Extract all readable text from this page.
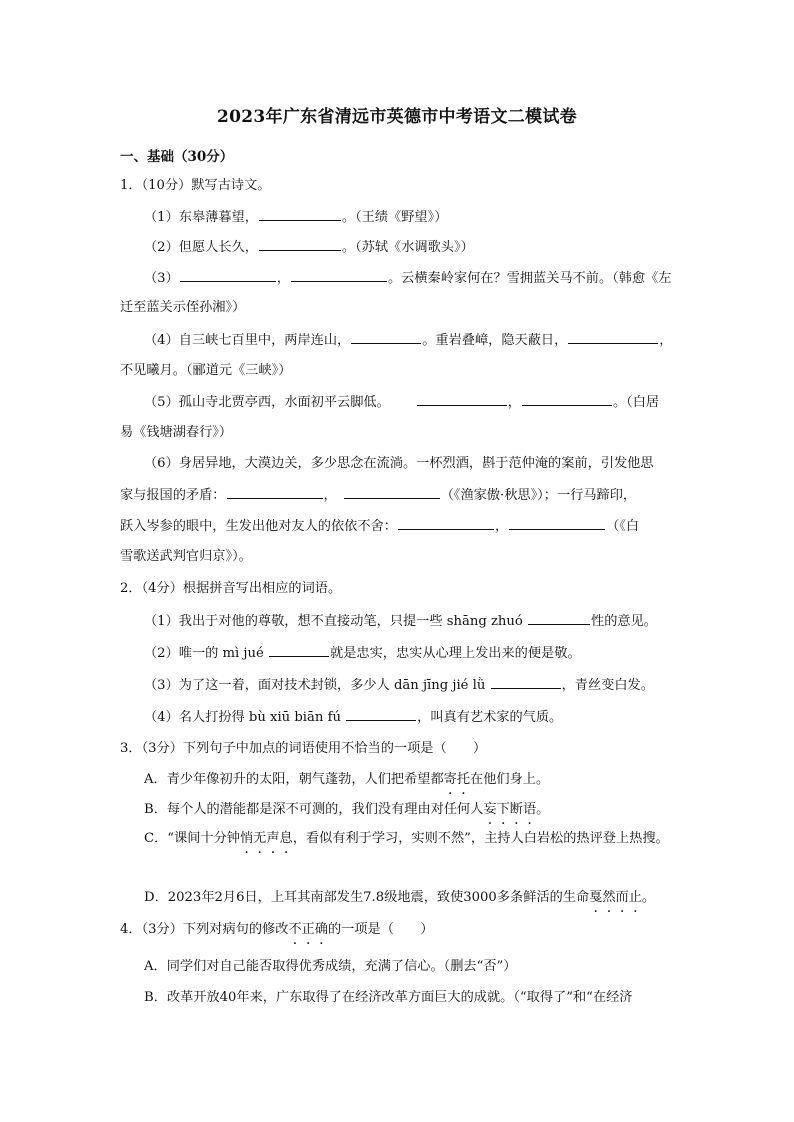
2023年广东省清远市英德市中考语文二模试卷
一、基础（30分）
1．（10分）默写古诗文。
（1）东皋薄暮望，	。（王绩《野望》）
（2）但愿人长久，	。（苏轼《水调歌头》）
（3）	，	。云横秦岭家何在？雪拥蓝关马不前。（韩愈《左
迁至蓝关示侄孙湘》）
（4）自三峡七百里中，两岸连山，	。重岩叠嶂，隐天蔽日，	，
不见曦月。（郦道元《三峡》）
（5）孤山寺北贾亭西，水面初平云脚低。	，	。（白居
易《钱塘湖春行》）
（6）身居异地，大漠边关，多少思念在流淌。一杯烈酒，斟于范仲淹的案前，引发他思
家与报国的矛盾：	，	（《渔家傲·秋思》）；一行马蹄印，
跃入岑参的眼中，生发出他对友人的依依不舍：	，	（《白
雪歌送武判官归京》）。
2．（4分）根据拼音写出相应的词语。
（1）我出于对他的尊敬，想不直接动笔，只提一些 shāng zhuó	性的意见。
（2）唯一的 mì jué	就是忠实，忠实从心理上发出来的便是敬。
（3）为了这一着，面对技术封锁，多少人 dān jīng jié lǜ	，青丝变白发。
（4）名人打扮得 bù xiū biān fú	，叫真有艺术家的气质。
3．（3分）下列句子中加点的词语使用不恰当的一项是（　　）
A．青少年像初升的太阳，朝气蓬勃，人们把希望都寄托在他们身上。
B．每个人的潜能都是深不可测的，我们没有理由对任何人妄下断语。
C．“课间十分钟悄无声息，看似有利于学习，实则不然”，主持人白岩松的热评登上热搜。
D．2023年2月6日，上耳其南部发生7.8级地震，致使3000多条鲜活的生命戛然而止。
4．（3分）下列对病句的修改不正确的一项是（　　）
A．同学们对自己能否取得优秀成绩，充满了信心。（删去“否”）
B．改革开放40年来，广东取得了在经济改革方面巨大的成就。（“取得了”和“在经济
